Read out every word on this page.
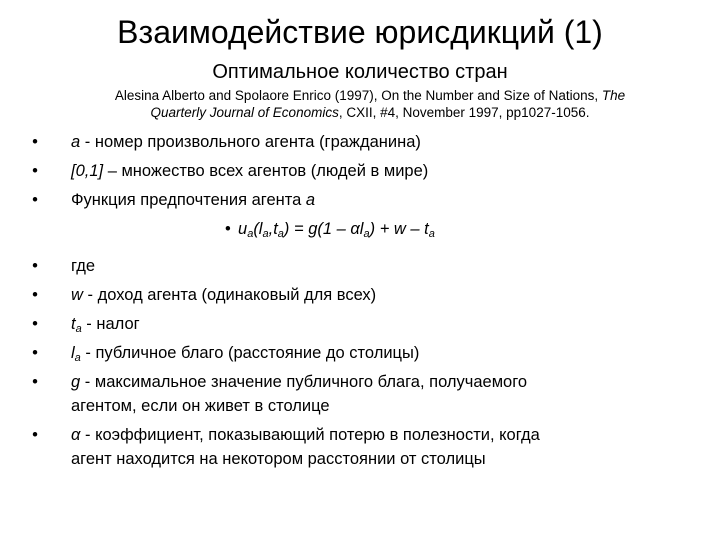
Взаимодействие юрисдикций (1)
Оптимальное количество стран
Alesina Alberto and Spolaore Enrico (1997), On the Number and Size of Nations, The
Quarterly Journal of Economics, CXII, #4, November 1997, pp1027-1056.
• a - номер произвольного агента (гражданина)
• [0,1] – множество всех агентов (людей в мире)
• Функция предпочтения агента a
• $u_a(l_a,t_a) = g(1 - \alpha l_a) + w - t_a$
• где
• w - доход агента (одинаковый для всех)
• $t_a$ - налог
• $l_a$ - публичное благо (расстояние до столицы)
• g - максимальное значение публичного блага, получаемого
агентом, если он живет в столице
• α - коэффициент, показывающий потерю в полезности, когда
агент находится на некотором расстоянии от столицы
